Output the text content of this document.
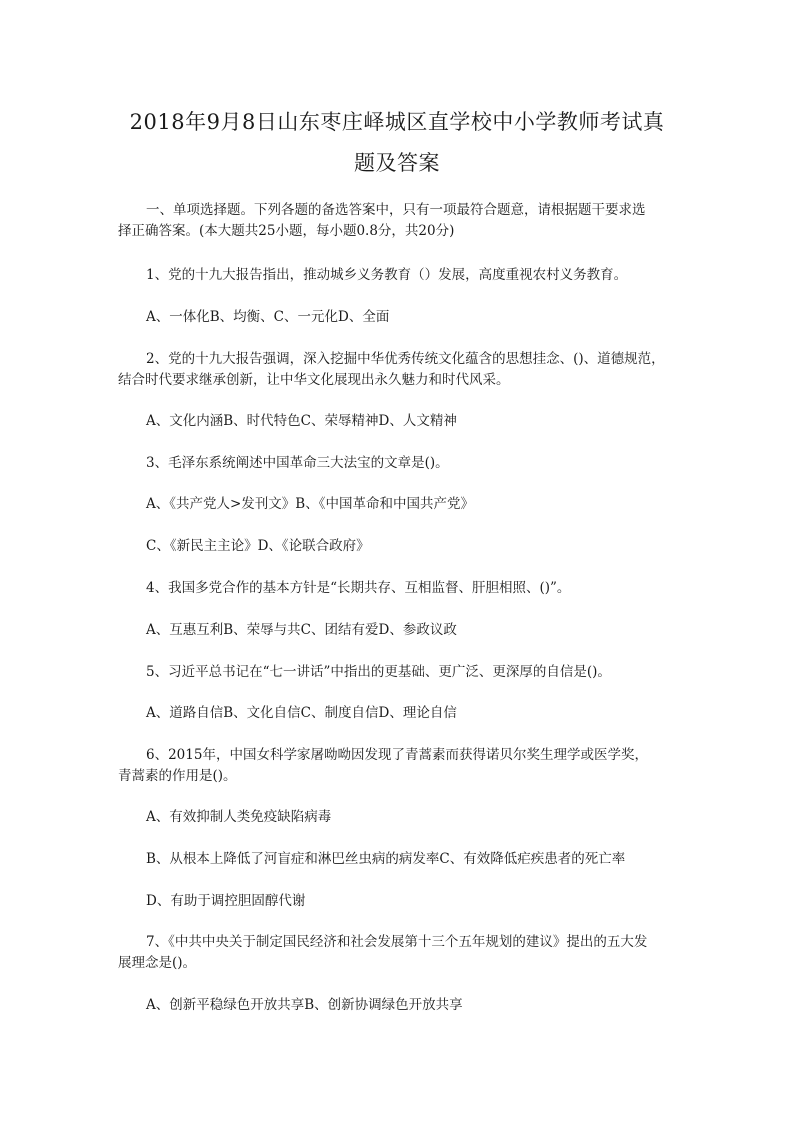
2018年9月8日山东枣庄峄城区直学校中小学教师考试真
题及答案
一、单项选择题。下列各题的备选答案中，只有一项最符合题意，请根据题干要求选
择正确答案。(本大题共25小题，每小题0.8分，共20分)
1、党的十九大报告指出，推动城乡义务教育（）发展，高度重视农村义务教育。
A、一体化B、均衡、C、一元化D、全面
2、党的十九大报告强调，深入挖掘中华优秀传统文化蕴含的思想挂念、()、道德规范，
结合时代要求继承创新，让中华文化展现出永久魅力和时代风采。
A、文化内涵B、时代特色C、荣辱精神D、人文精神
3、毛泽东系统阐述中国革命三大法宝的文章是()。
A、《共产党人>发刊文》B、《中国革命和中国共产党》
C、《新民主主论》D、《论联合政府》
4、我国多党合作的基本方针是“长期共存、互相监督、肝胆相照、()”。
A、互惠互利B、荣辱与共C、团结有爱D、参政议政
5、习近平总书记在“七一讲话”中指出的更基础、更广泛、更深厚的自信是()。
A、道路自信B、文化自信C、制度自信D、理论自信
6、2015年，中国女科学家屠呦呦因发现了青蒿素而获得诺贝尔奖生理学或医学奖，
青蒿素的作用是()。
A、有效抑制人类免疫缺陷病毒
B、从根本上降低了河盲症和淋巴丝虫病的病发率C、有效降低疟疾患者的死亡率
D、有助于调控胆固醇代谢
7、《中共中央关于制定国民经济和社会发展第十三个五年规划的建议》提出的五大发
展理念是()。
A、创新平稳绿色开放共享B、创新协调绿色开放共享
